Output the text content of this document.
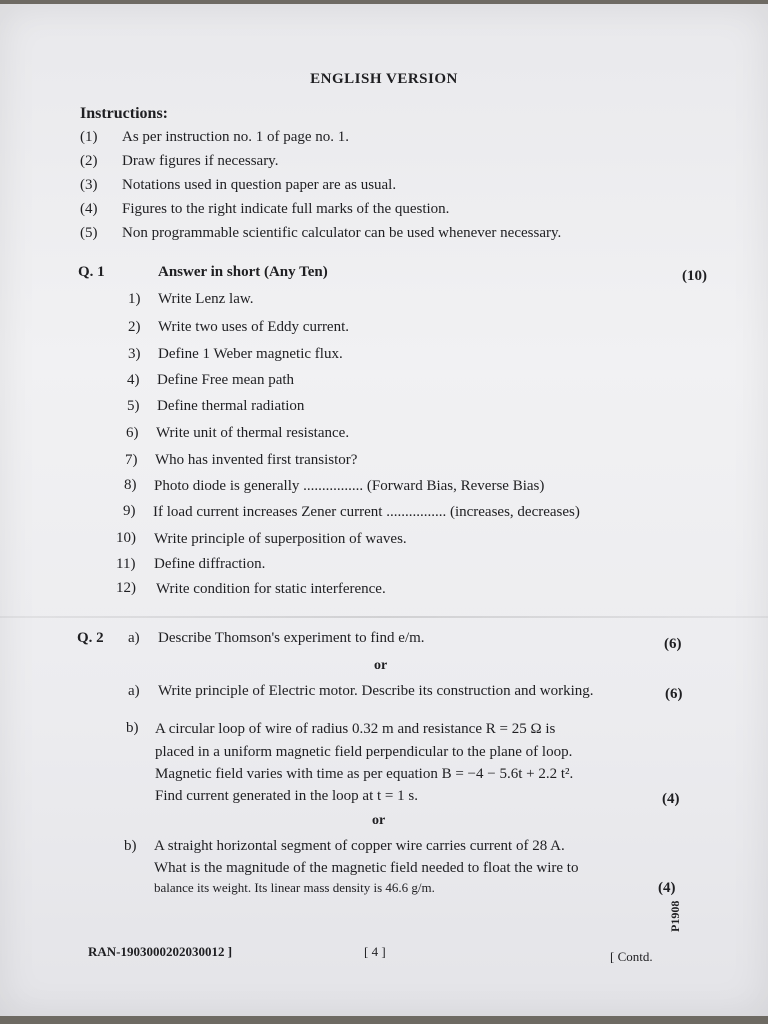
ENGLISH VERSION
Instructions:
(1) As per instruction no. 1 of page no. 1.
(2) Draw figures if necessary.
(3) Notations used in question paper are as usual.
(4) Figures to the right indicate full marks of the question.
(5) Non programmable scientific calculator can be used whenever necessary.
Q. 1	Answer in short (Any Ten)	(10)
1) Write Lenz law.
2) Write two uses of Eddy current.
3) Define 1 Weber magnetic flux.
4) Define Free mean path
5) Define thermal radiation
6) Write unit of thermal resistance.
7) Who has invented first transistor?
8) Photo diode is generally ................ (Forward Bias, Reverse Bias)
9) If load current increases Zener current ................ (increases, decreases)
10) Write principle of superposition of waves.
11) Define diffraction.
12) Write condition for static interference.
Q. 2 a) Describe Thomson's experiment to find e/m.	(6)
or
a) Write principle of Electric motor. Describe its construction and working.	(6)
b) A circular loop of wire of radius 0.32 m and resistance R = 25 Ω is
placed in a uniform magnetic field perpendicular to the plane of loop.
Magnetic field varies with time as per equation B = −4 − 5.6t + 2.2 t².
Find current generated in the loop at t = 1 s.	(4)
or
b) A straight horizontal segment of copper wire carries current of 28 A.
What is the magnitude of the magnetic field needed to float the wire to
balance its weight. Its linear mass density is 46.6 g/m.	(4)
RAN-1903000202030012 ]	[ 4 ]	[ Contd.
P1908
